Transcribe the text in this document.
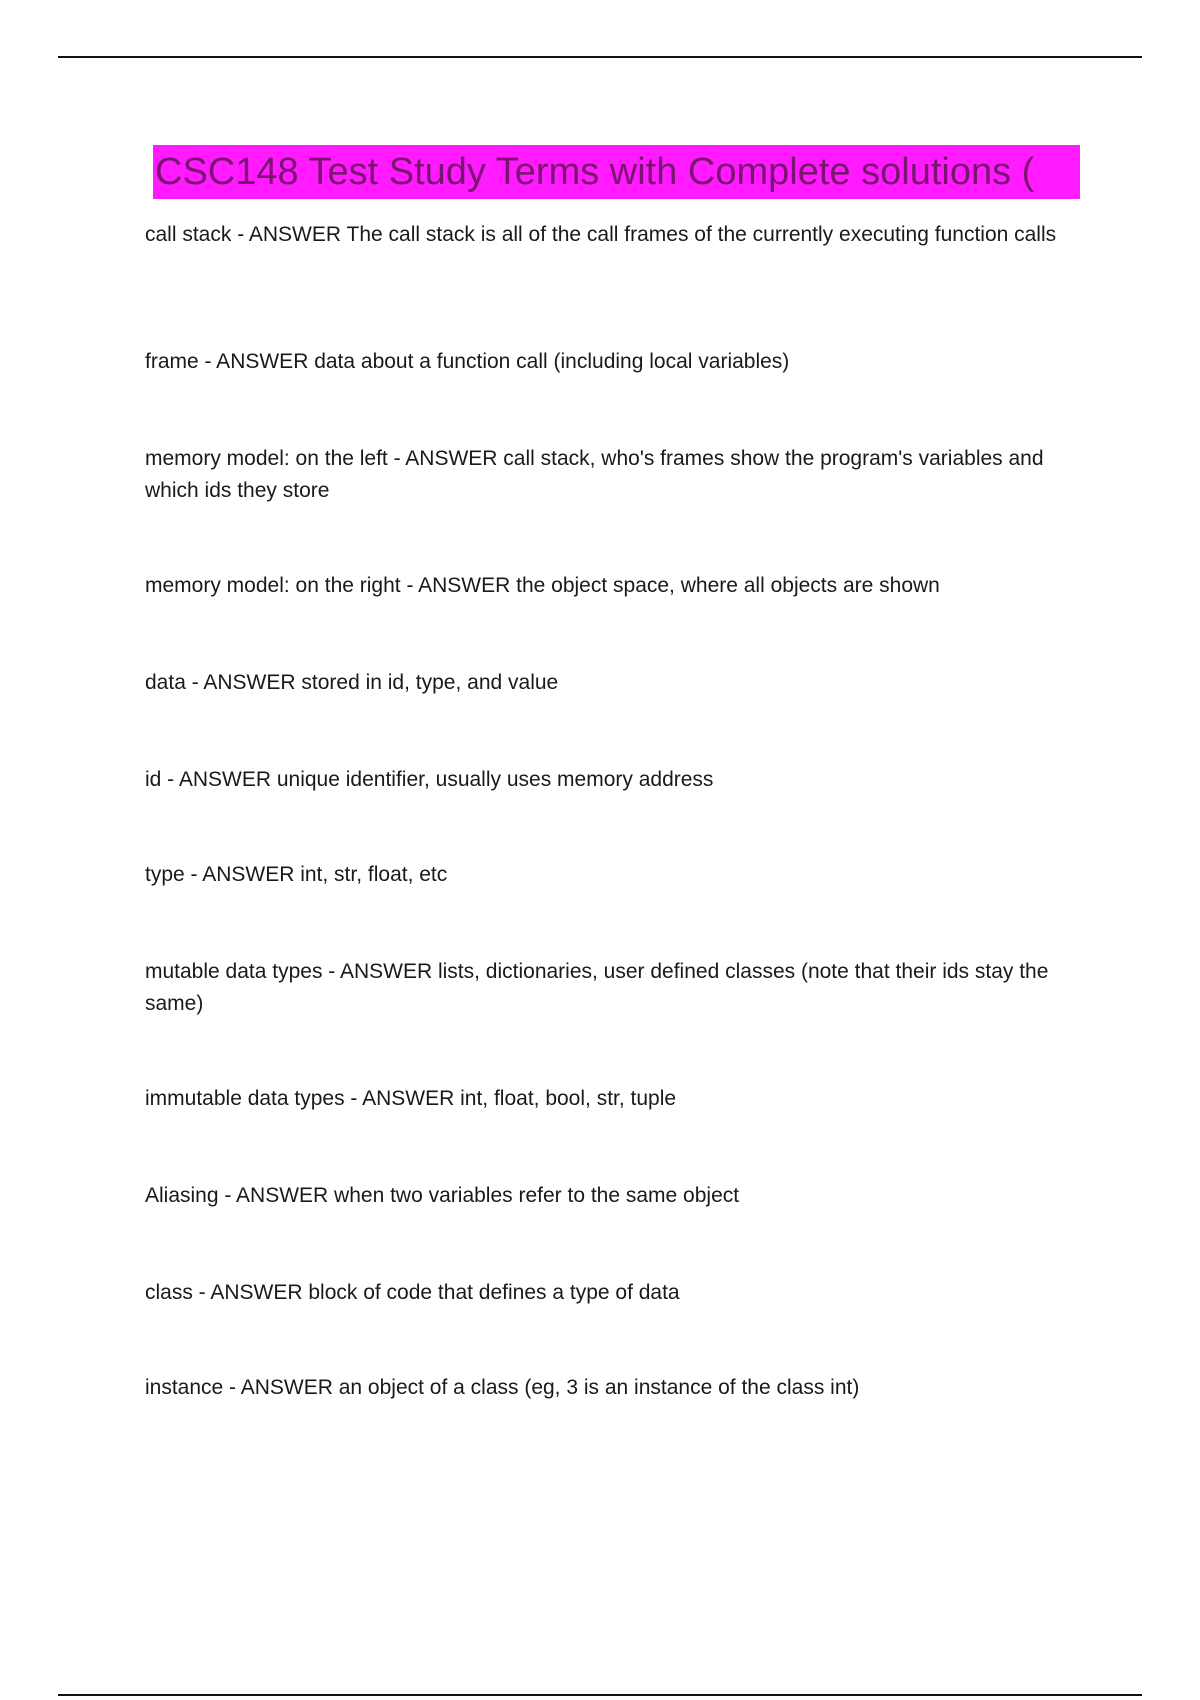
CSC148 Test Study Terms with Complete solutions (
call stack - ANSWER The call stack is all of the call frames of the currently executing function calls
frame - ANSWER data about a function call (including local variables)
memory model: on the left - ANSWER call stack, who's frames show the program's variables and which ids they store
memory model: on the right - ANSWER the object space, where all objects are shown
data - ANSWER stored in id, type, and value
id - ANSWER unique identifier, usually uses memory address
type - ANSWER int, str, float, etc
mutable data types - ANSWER lists, dictionaries, user defined classes (note that their ids stay the same)
immutable data types - ANSWER int, float, bool, str, tuple
Aliasing - ANSWER when two variables refer to the same object
class - ANSWER block of code that defines a type of data
instance - ANSWER an object of a class (eg, 3 is an instance of the class int)
